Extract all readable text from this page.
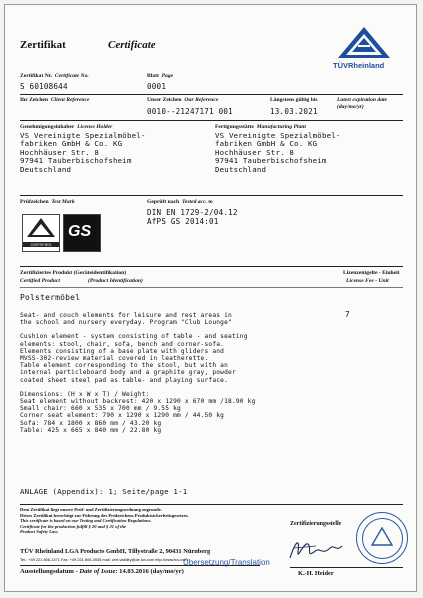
Zertifikat	Certificate
TÜVRheinland
Zertifikat Nr. Certificate No.
S 60108644
Blatt Page
0001
Ihr Zeichen Client Reference	Unser Zeichen Our Reference
0010--21247171 001
Längstens gültig bis	Latest expiration date
(day/mo/yr)
13.03.2021
Genehmigungsinhaber License Holder
VS Vereinigte Spezialmöbel-
fabriken GmbH & Co. KG
Hochhäuser Str. 8
97941 Tauberbischofsheim
Deutschland
Fertigungsstätte Manufacturing Plant
VS Vereinigte Spezialmöbel-
fabriken GmbH & Co. KG
Hochhäuser Str. 8
97941 Tauberbischofsheim
Deutschland
Prüfzeichen Test Mark
CERTIFIED
GS
Geprüft nach Tested acc. to
DIN EN 1729-2/04.12
AfPS GS 2014:01
Zertifiziertes Produkt (Geräteidentifikation)
Certified Product	(Product Identification)
Lizenzentgelte - Einheit
License Fee - Unit
Polstermöbel
7
Seat- and couch elements for leisure and rest areas in
the school and nursery everyday. Program "Club Lounge"
Cushion element - system consisting of table - and seating
elements: stool, chair, sofa, bench and corner-sofa.
Elements consisting of a base plate with gliders and
MVSS-302-review material covered in leatherette.
Table element corresponding to the stool, but with an
internal particleboard body and a graphite gray, powder
coated sheet steel pad as table- and playing surface.
Dimensions: (H x W x T) / Weight:
Seat element without backrest: 420 x 1290 x 670 mm /18.90 kg
Small chair: 660 x 535 x 700 mm / 9.55 kg
Corner seat element: 790 x 1290 x 1290 mm / 44.50 kg
Sofa: 784 x 1800 x 860 mm / 43.20 kg
Table: 425 x 665 x 840 mm / 22.80 kg
ANLAGE (Appendix): 1; Seite/page 1-1
Dem Zertifikat liegt unsere Prüf- und Zertifizierungsordnung zugrunde.
Dieses Zertifikat berechtigt zur Führung des Prüfzeichens Produktsicherheitsgesetzes.
This certificate is based on our Testing and Certification Regulations.
Certificate for the production fulfill § 20 and § 21 of the
Product Safety Law.
TÜV Rheinland LGA Products GmbH, Tillystraße 2, 90431 Nürnberg
Tel.: +49 221 806-1371 Fax: +49 221 806-3935 mail: cert-validity@de.tuv.com http://www.tuv.com
Ausstellungsdatum - Date of Issue: 14.03.2016 (day/mo/yr)
Übersetzung/Translation
Zertifizierungsstelle
K.-H. Heider
